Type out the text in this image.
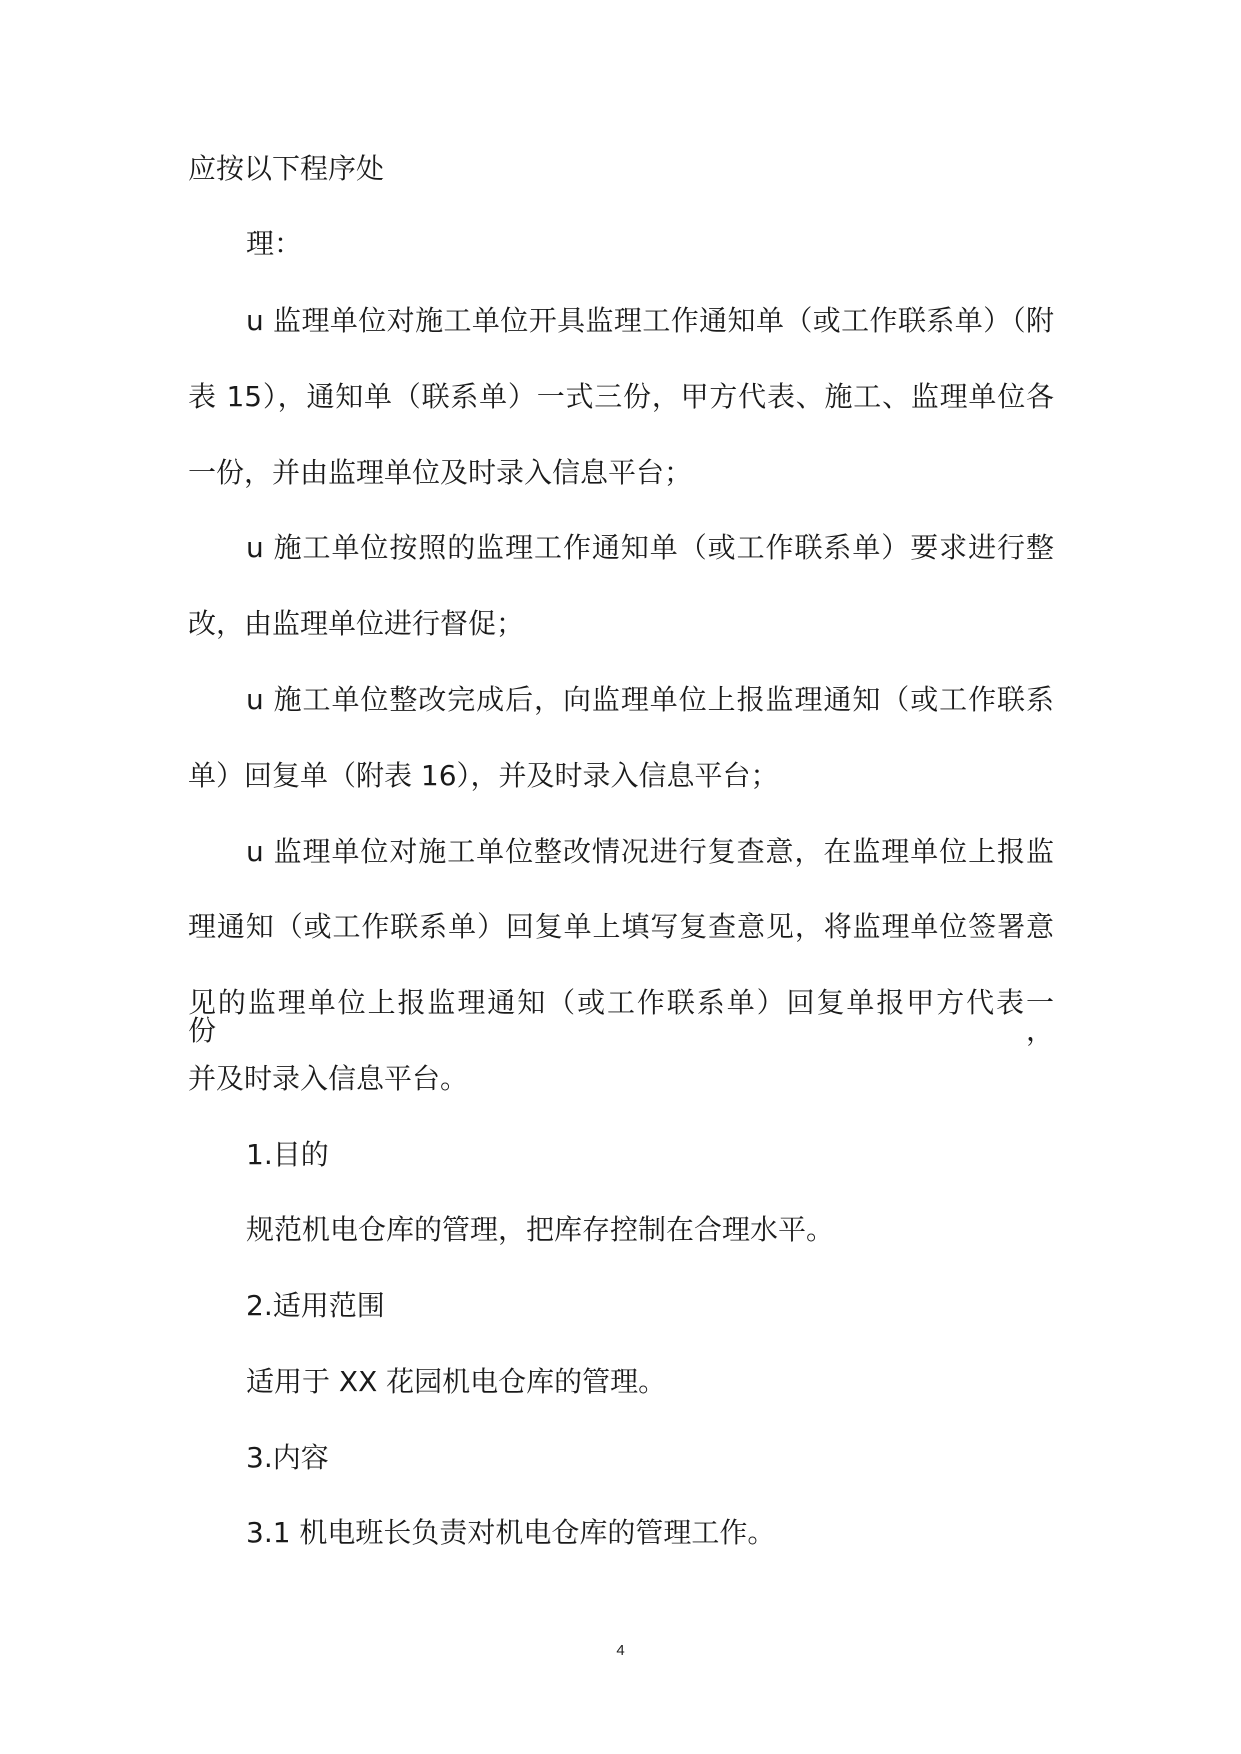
应按以下程序处
理：
u 监理单位对施工单位开具监理工作通知单（或工作联系单）（附
表 15），通知单（联系单）一式三份，甲方代表、施工、监理单位各
一份，并由监理单位及时录入信息平台；
u 施工单位按照的监理工作通知单（或工作联系单）要求进行整
改，由监理单位进行督促；
u 施工单位整改完成后，向监理单位上报监理通知（或工作联系
单）回复单（附表 16），并及时录入信息平台；
u 监理单位对施工单位整改情况进行复查意，在监理单位上报监
理通知（或工作联系单）回复单上填写复查意见，将监理单位签署意
见的监理单位上报监理通知（或工作联系单）回复单报甲方代表一份，
并及时录入信息平台。
1.目的
规范机电仓库的管理，把库存控制在合理水平。
2.适用范围
适用于 XX 花园机电仓库的管理。
3.内容
3.1 机电班长负责对机电仓库的管理工作。
4
